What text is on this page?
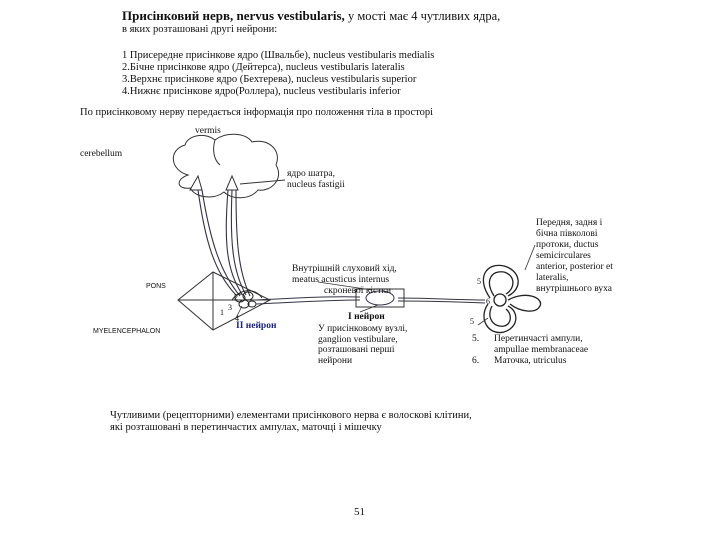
Присінковий нерв, nervus vestibularis, у мості має 4 чутливих ядра,
в яких розташовані другі нейрони:
1 Присередне присінкове ядро (Швальбе), nucleus vestibularis medialis
2.Бічне присінкове ядро (Дейтерса), nucleus vestibularis lateralis
3.Верхнє присінкове ядро (Бехтерева), nucleus vestibularis superior
4.Нижнє присінкове ядро(Роллера), nucleus vestibularis inferior
По присінковому нерву передається інформація про положення тіла в просторі
vermis
cerebellum
ядро шатра,
nucleus fastigii
Передня, задня і
бічна півколові
протоки, ductus
semicirculares
anterior, posterior et
lateralis,
внутрішнього вуха
Внутрішній слуховий хід,
meatus acusticus internus
скроневої кістки
PONS
MYELENCEPHALON
2
3
1
4
II нейрон
I нейрон
У присінковому вузлі,
ganglion vestibulare,
розташовані перші
нейрони
5
6
5
5. Перетинчасті ампули,
ampullae membranaceae
6. Маточка, utriculus
Чутливими (рецепторними) елементами присінкового нерва є волоскові клітини,
які розташовані в перетинчастих ампулах, маточці і мішечку
51
